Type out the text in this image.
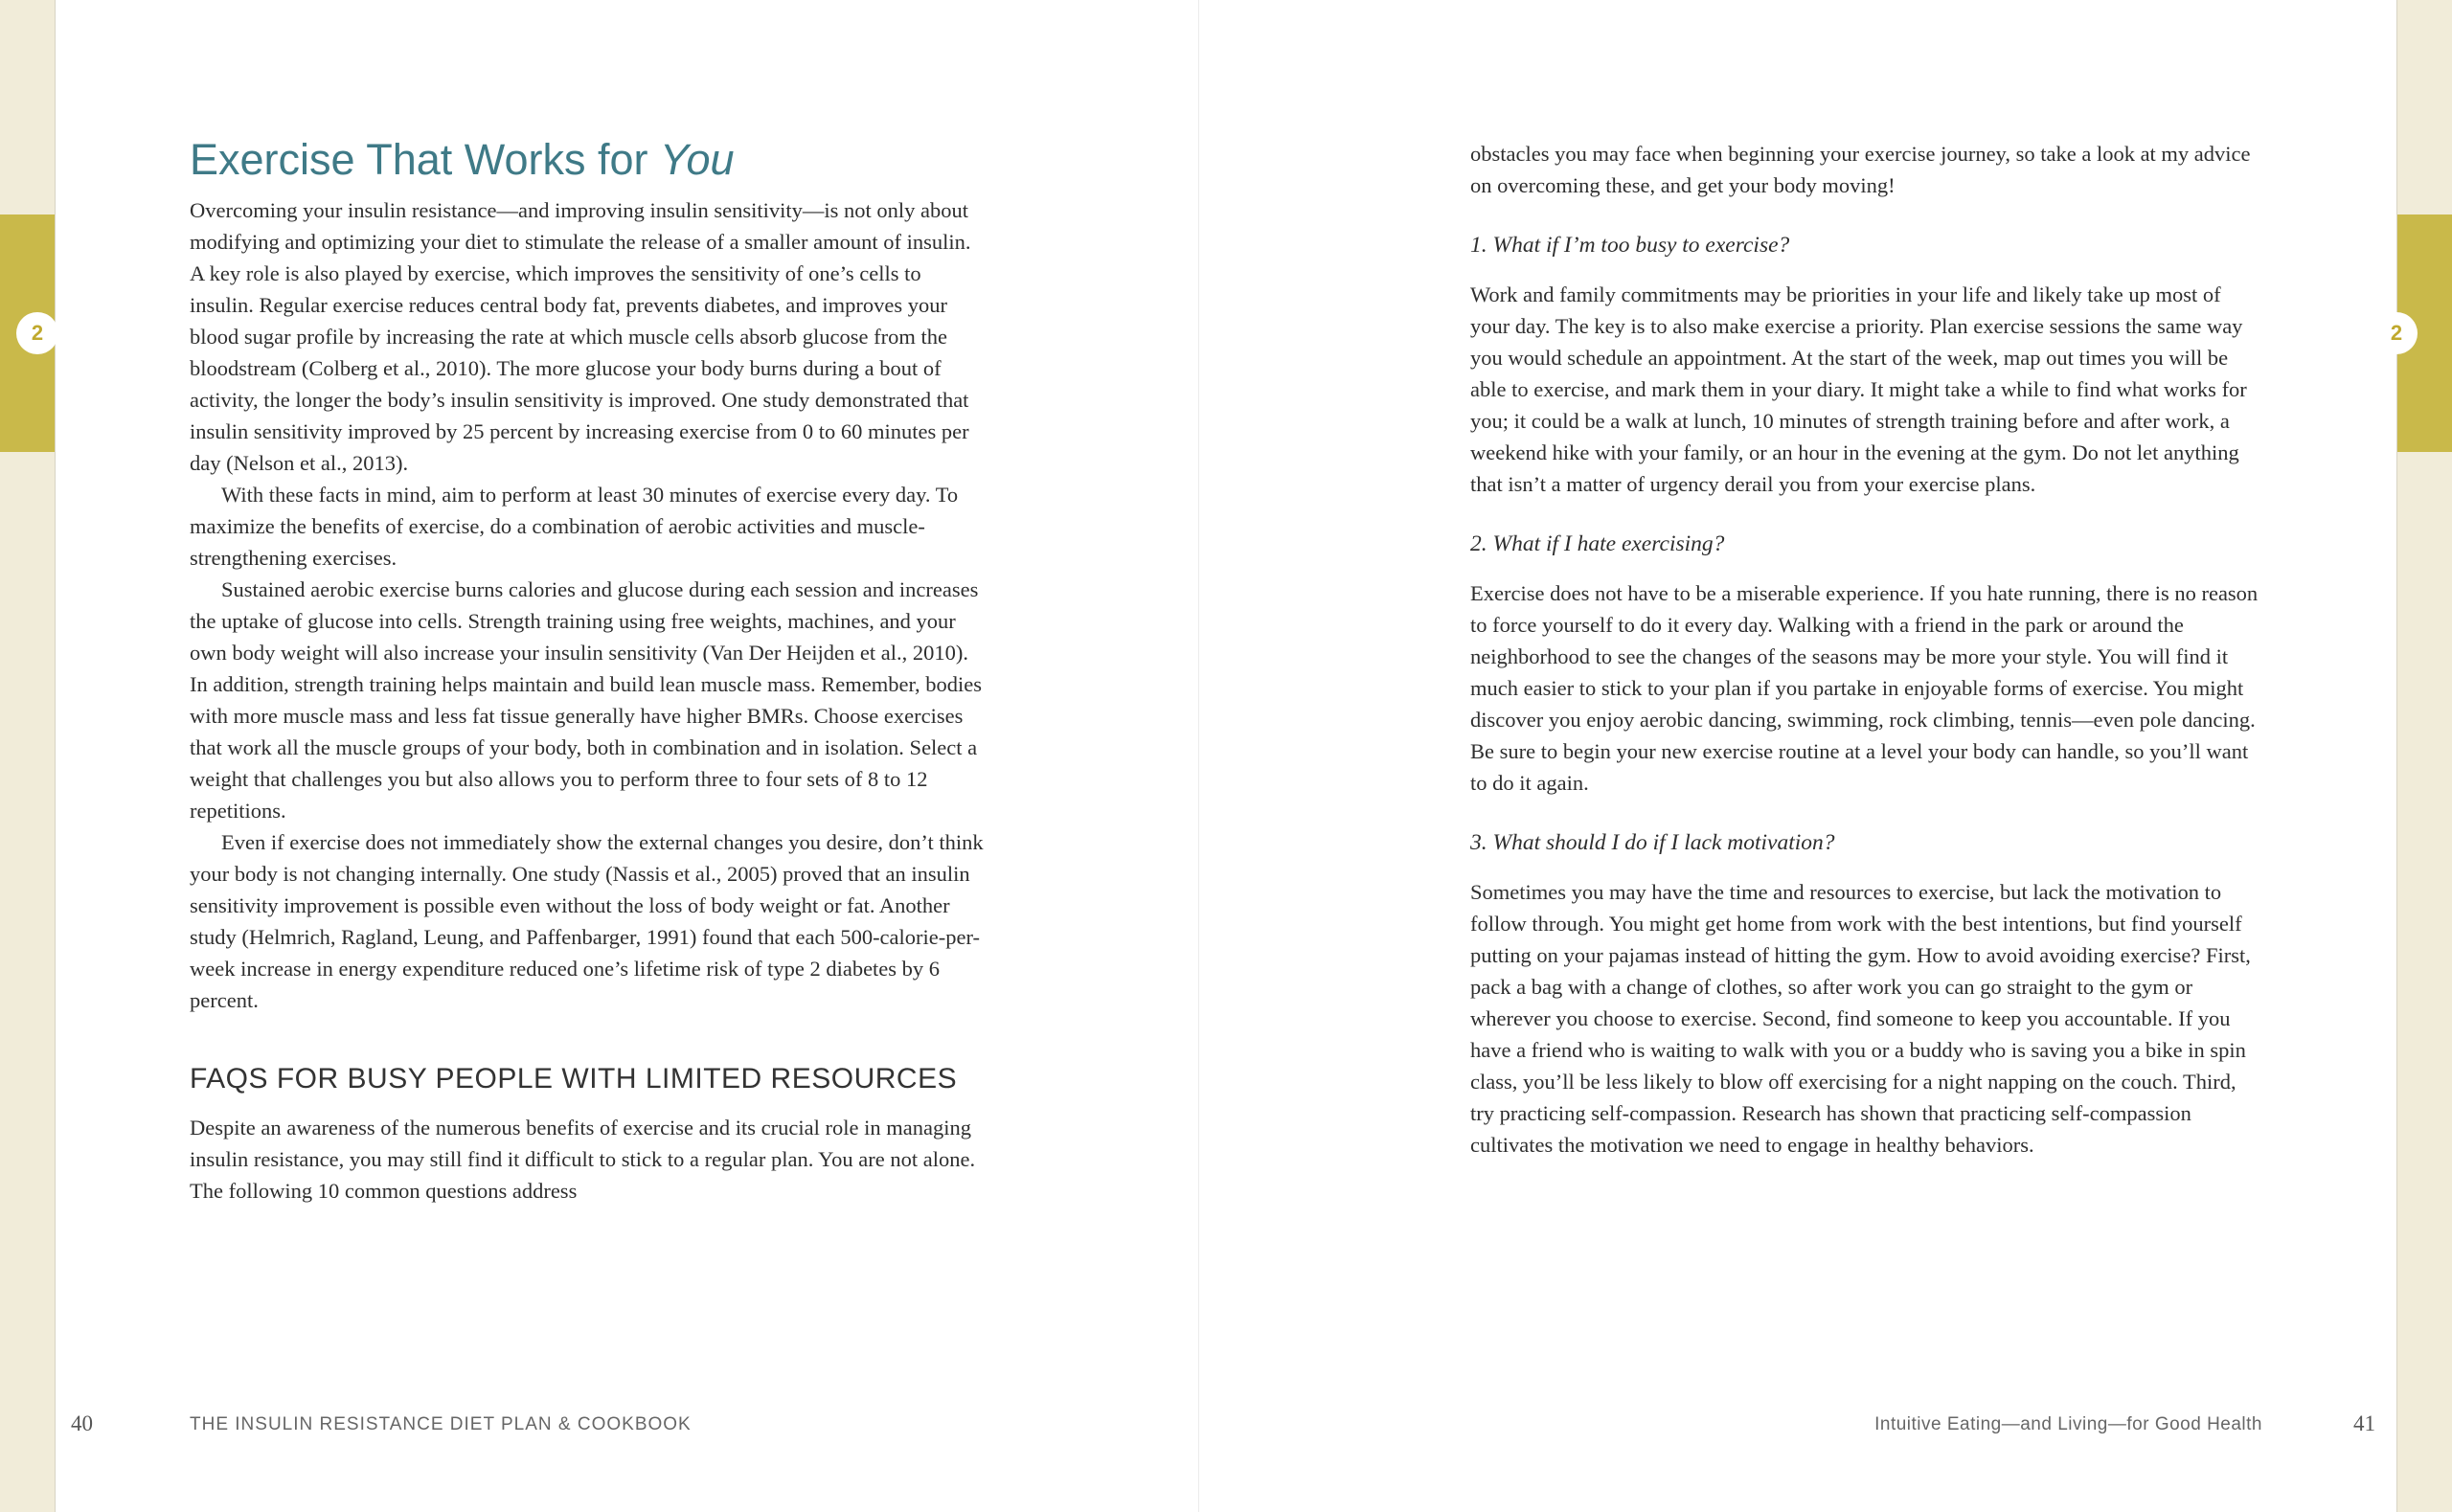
2	2
Exercise That Works for You

Overcoming your insulin resistance—and improving insulin sensitivity—is not only about modifying and optimizing your diet to stimulate the release of a smaller amount of insulin. A key role is also played by exercise, which improves the sensitivity of one’s cells to insulin. Regular exercise reduces central body fat, prevents diabetes, and improves your blood sugar profile by increasing the rate at which muscle cells absorb glucose from the bloodstream (Colberg et al., 2010). The more glucose your body burns during a bout of activity, the longer the body’s insulin sensitivity is improved. One study demonstrated that insulin sensitivity improved by 25 percent by increasing exercise from 0 to 60 minutes per day (Nelson et al., 2013).

With these facts in mind, aim to perform at least 30 minutes of exercise every day. To maximize the benefits of exercise, do a combination of aerobic activities and muscle-strengthening exercises.

Sustained aerobic exercise burns calories and glucose during each session and increases the uptake of glucose into cells. Strength training using free weights, machines, and your own body weight will also increase your insulin sensitivity (Van Der Heijden et al., 2010). In addition, strength training helps maintain and build lean muscle mass. Remember, bodies with more muscle mass and less fat tissue generally have higher BMRs. Choose exercises that work all the muscle groups of your body, both in combination and in isolation. Select a weight that challenges you but also allows you to perform three to four sets of 8 to 12 repetitions.

Even if exercise does not immediately show the external changes you desire, don’t think your body is not changing internally. One study (Nassis et al., 2005) proved that an insulin sensitivity improvement is possible even without the loss of body weight or fat. Another study (Helmrich, Ragland, Leung, and Paffenbarger, 1991) found that each 500-calorie-per-week increase in energy expenditure reduced one’s lifetime risk of type 2 diabetes by 6 percent.

FAQS FOR BUSY PEOPLE WITH LIMITED RESOURCES

Despite an awareness of the numerous benefits of exercise and its crucial role in managing insulin resistance, you may still find it difficult to stick to a regular plan. You are not alone. The following 10 common questions address

obstacles you may face when beginning your exercise journey, so take a look at my advice on overcoming these, and get your body moving!

1. What if I’m too busy to exercise?

Work and family commitments may be priorities in your life and likely take up most of your day. The key is to also make exercise a priority. Plan exercise sessions the same way you would schedule an appointment. At the start of the week, map out times you will be able to exercise, and mark them in your diary. It might take a while to find what works for you; it could be a walk at lunch, 10 minutes of strength training before and after work, a weekend hike with your family, or an hour in the evening at the gym. Do not let anything that isn’t a matter of urgency derail you from your exercise plans.

2. What if I hate exercising?

Exercise does not have to be a miserable experience. If you hate running, there is no reason to force yourself to do it every day. Walking with a friend in the park or around the neighborhood to see the changes of the seasons may be more your style. You will find it much easier to stick to your plan if you partake in enjoyable forms of exercise. You might discover you enjoy aerobic dancing, swimming, rock climbing, tennis—even pole dancing. Be sure to begin your new exercise routine at a level your body can handle, so you’ll want to do it again.

3. What should I do if I lack motivation?

Sometimes you may have the time and resources to exercise, but lack the motivation to follow through. You might get home from work with the best intentions, but find yourself putting on your pajamas instead of hitting the gym. How to avoid avoiding exercise? First, pack a bag with a change of clothes, so after work you can go straight to the gym or wherever you choose to exercise. Second, find someone to keep you accountable. If you have a friend who is waiting to walk with you or a buddy who is saving you a bike in spin class, you’ll be less likely to blow off exercising for a night napping on the couch. Third, try practicing self-compassion. Research has shown that practicing self-compassion cultivates the motivation we need to engage in healthy behaviors.

40	THE INSULIN RESISTANCE DIET PLAN & COOKBOOK	Intuitive Eating—and Living—for Good Health	41
